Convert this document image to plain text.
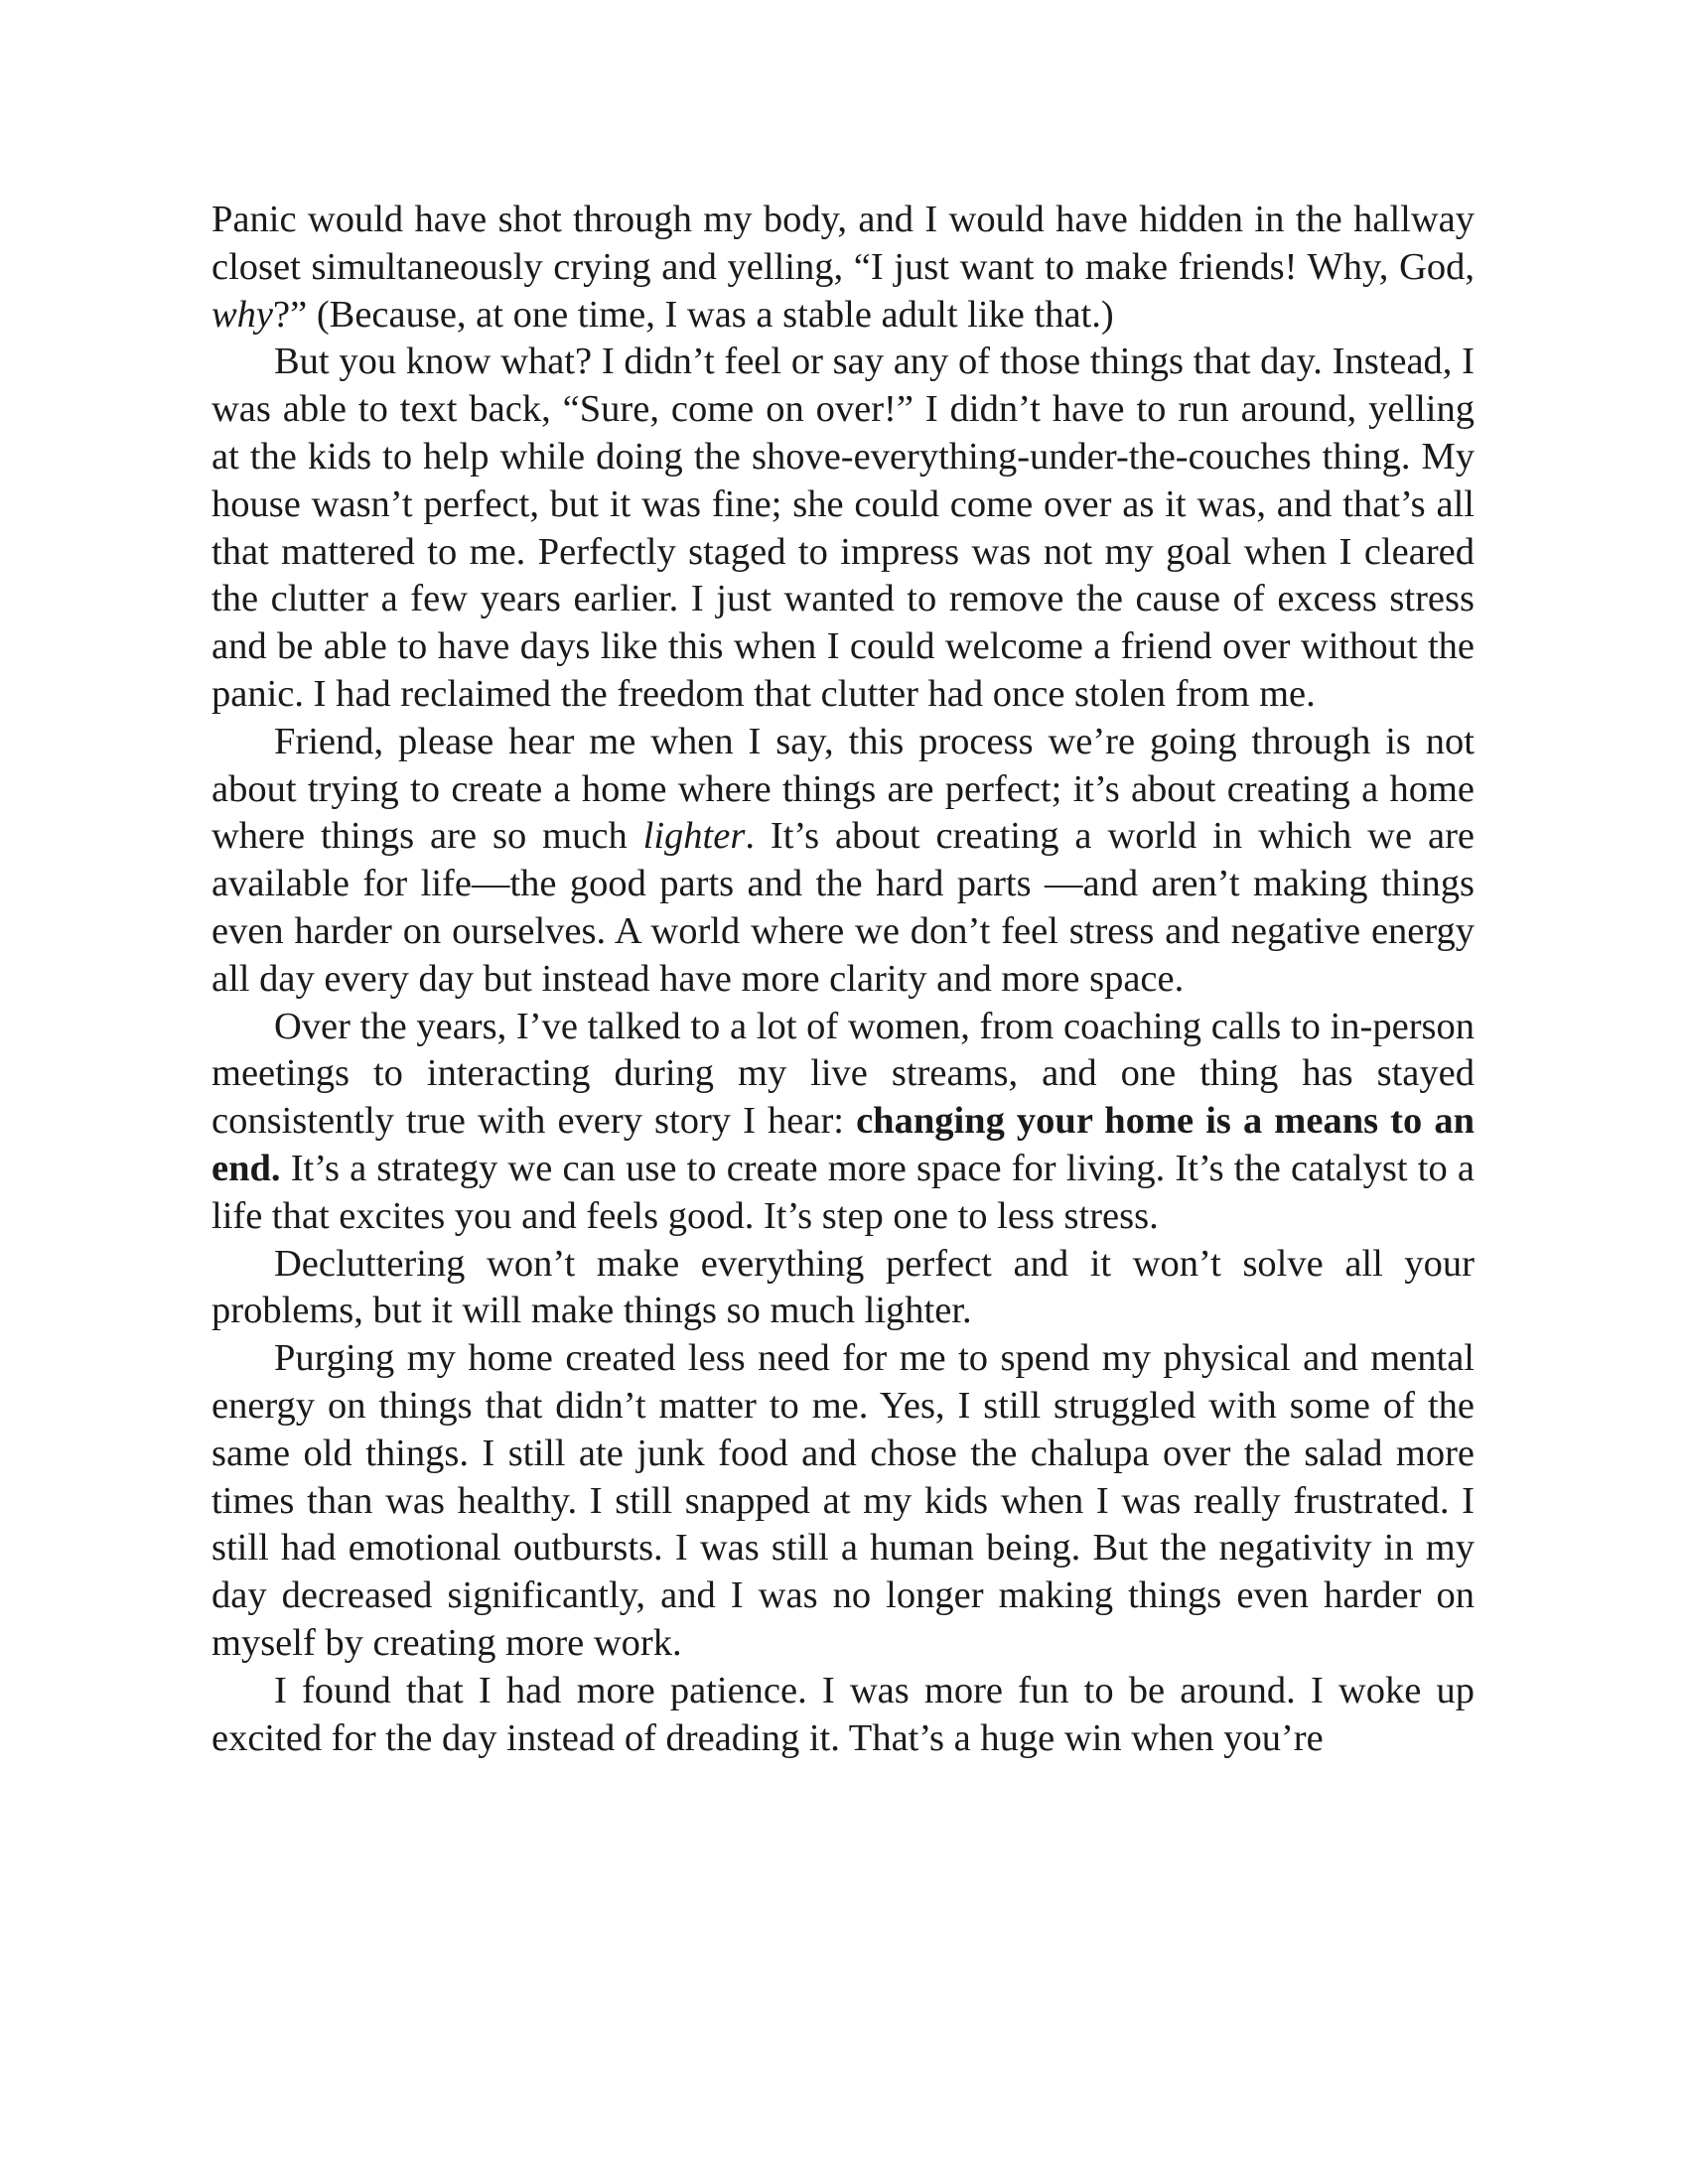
Panic would have shot through my body, and I would have hidden in the hallway closet simultaneously crying and yelling, “I just want to make friends! Why, God, why?” (Because, at one time, I was a stable adult like that.)

But you know what? I didn’t feel or say any of those things that day. Instead, I was able to text back, “Sure, come on over!” I didn’t have to run around, yelling at the kids to help while doing the shove-everything-under-the-couches thing. My house wasn’t perfect, but it was fine; she could come over as it was, and that’s all that mattered to me. Perfectly staged to impress was not my goal when I cleared the clutter a few years earlier. I just wanted to remove the cause of excess stress and be able to have days like this when I could welcome a friend over without the panic. I had reclaimed the freedom that clutter had once stolen from me.

Friend, please hear me when I say, this process we’re going through is not about trying to create a home where things are perfect; it’s about creating a home where things are so much lighter. It’s about creating a world in which we are available for life—the good parts and the hard parts —and aren’t making things even harder on ourselves. A world where we don’t feel stress and negative energy all day every day but instead have more clarity and more space.

Over the years, I’ve talked to a lot of women, from coaching calls to in-person meetings to interacting during my live streams, and one thing has stayed consistently true with every story I hear: changing your home is a means to an end. It’s a strategy we can use to create more space for living. It’s the catalyst to a life that excites you and feels good. It’s step one to less stress.

Decluttering won’t make everything perfect and it won’t solve all your problems, but it will make things so much lighter.

Purging my home created less need for me to spend my physical and mental energy on things that didn’t matter to me. Yes, I still struggled with some of the same old things. I still ate junk food and chose the chalupa over the salad more times than was healthy. I still snapped at my kids when I was really frustrated. I still had emotional outbursts. I was still a human being. But the negativity in my day decreased significantly, and I was no longer making things even harder on myself by creating more work.

I found that I had more patience. I was more fun to be around. I woke up excited for the day instead of dreading it. That’s a huge win when you’re
